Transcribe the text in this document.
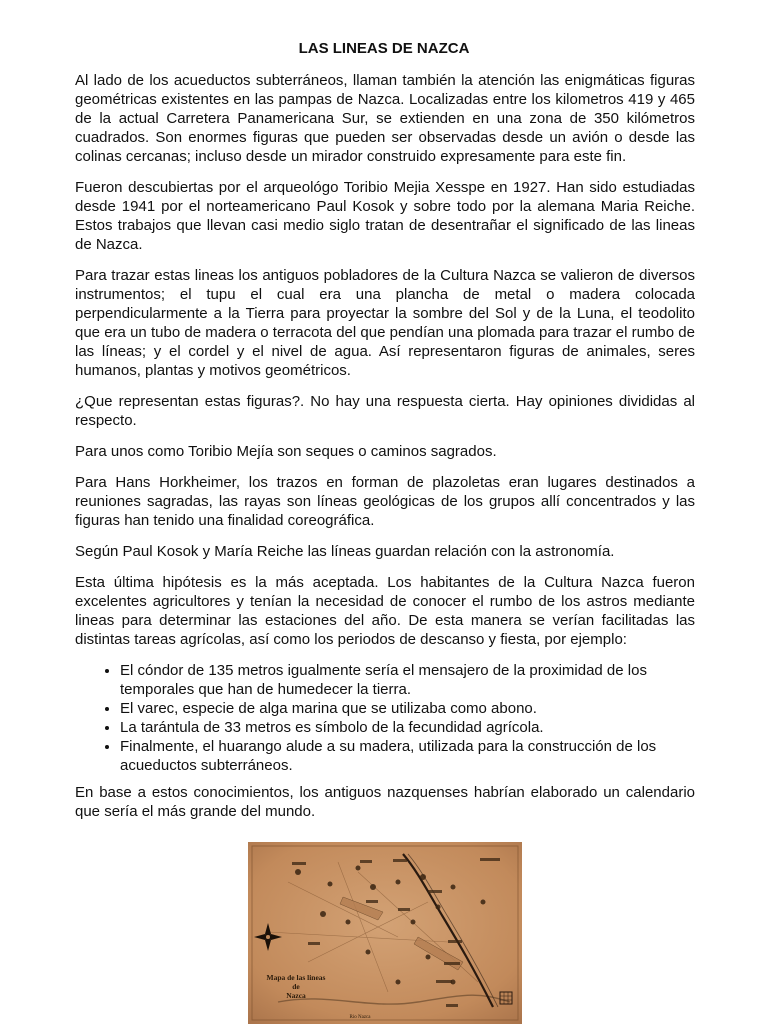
LAS LINEAS DE NAZCA

Al lado de los acueductos subterráneos, llaman también la atención las enigmáticas figuras geométricas existentes en las pampas de Nazca. Localizadas entre los kilometros 419 y 465 de la actual Carretera Panamericana Sur, se extienden en una zona de 350 kilómetros cuadrados. Son enormes figuras que pueden ser observadas desde un avión o desde las colinas cercanas; incluso desde un mirador construido expresamente para este fin.

Fueron descubiertas por el arqueológo Toribio Mejia Xesspe en 1927. Han sido estudiadas desde 1941 por el norteamericano Paul Kosok y sobre todo por la alemana Maria Reiche. Estos trabajos que llevan casi medio siglo tratan de desentrañar el significado de las lineas de Nazca.

Para trazar estas lineas los antiguos pobladores de la Cultura Nazca se valieron de diversos instrumentos; el tupu el cual era una plancha de metal o madera colocada perpendicularmente a la Tierra para proyectar la sombre del Sol y de la Luna, el teodolito que era un tubo de madera o terracota del que pendían una plomada para trazar el rumbo de las líneas; y el cordel y el nivel de agua. Así representaron figuras de animales, seres humanos, plantas y motivos geométricos.

¿Que representan estas figuras?. No hay una respuesta cierta. Hay opiniones divididas al respecto.

Para unos como Toribio Mejía son seques o caminos sagrados.

Para Hans Horkheimer, los trazos en forman de plazoletas eran lugares destinados a reuniones sagradas, las rayas son líneas geológicas de los grupos allí concentrados y las figuras han tenido una finalidad coreográfica.

Según Paul Kosok y María Reiche las líneas guardan relación con la astronomía.

Esta última hipótesis es la más aceptada. Los habitantes de la Cultura Nazca fueron excelentes agricultores y tenían la necesidad de conocer el rumbo de los astros mediante lineas para determinar las estaciones del año. De esta manera se verían facilitadas las distintas tareas agrícolas, así como los periodos de descanso y fiesta, por ejemplo:

• El cóndor de 135 metros igualmente sería el mensajero de la proximidad de los temporales que han de humedecer la tierra.
• El varec, especie de alga marina que se utilizaba como abono.
• La tarántula de 33 metros es símbolo de la fecundidad agrícola.
• Finalmente, el huarango alude a su madera, utilizada para la construcción de los acueductos subterráneos.

En base a estos conocimientos, los antiguos nazquenses habrían elaborado un calendario que sería el más grande del mundo.

Mapa de las lineas
de
Nazca
Rio Nazca
